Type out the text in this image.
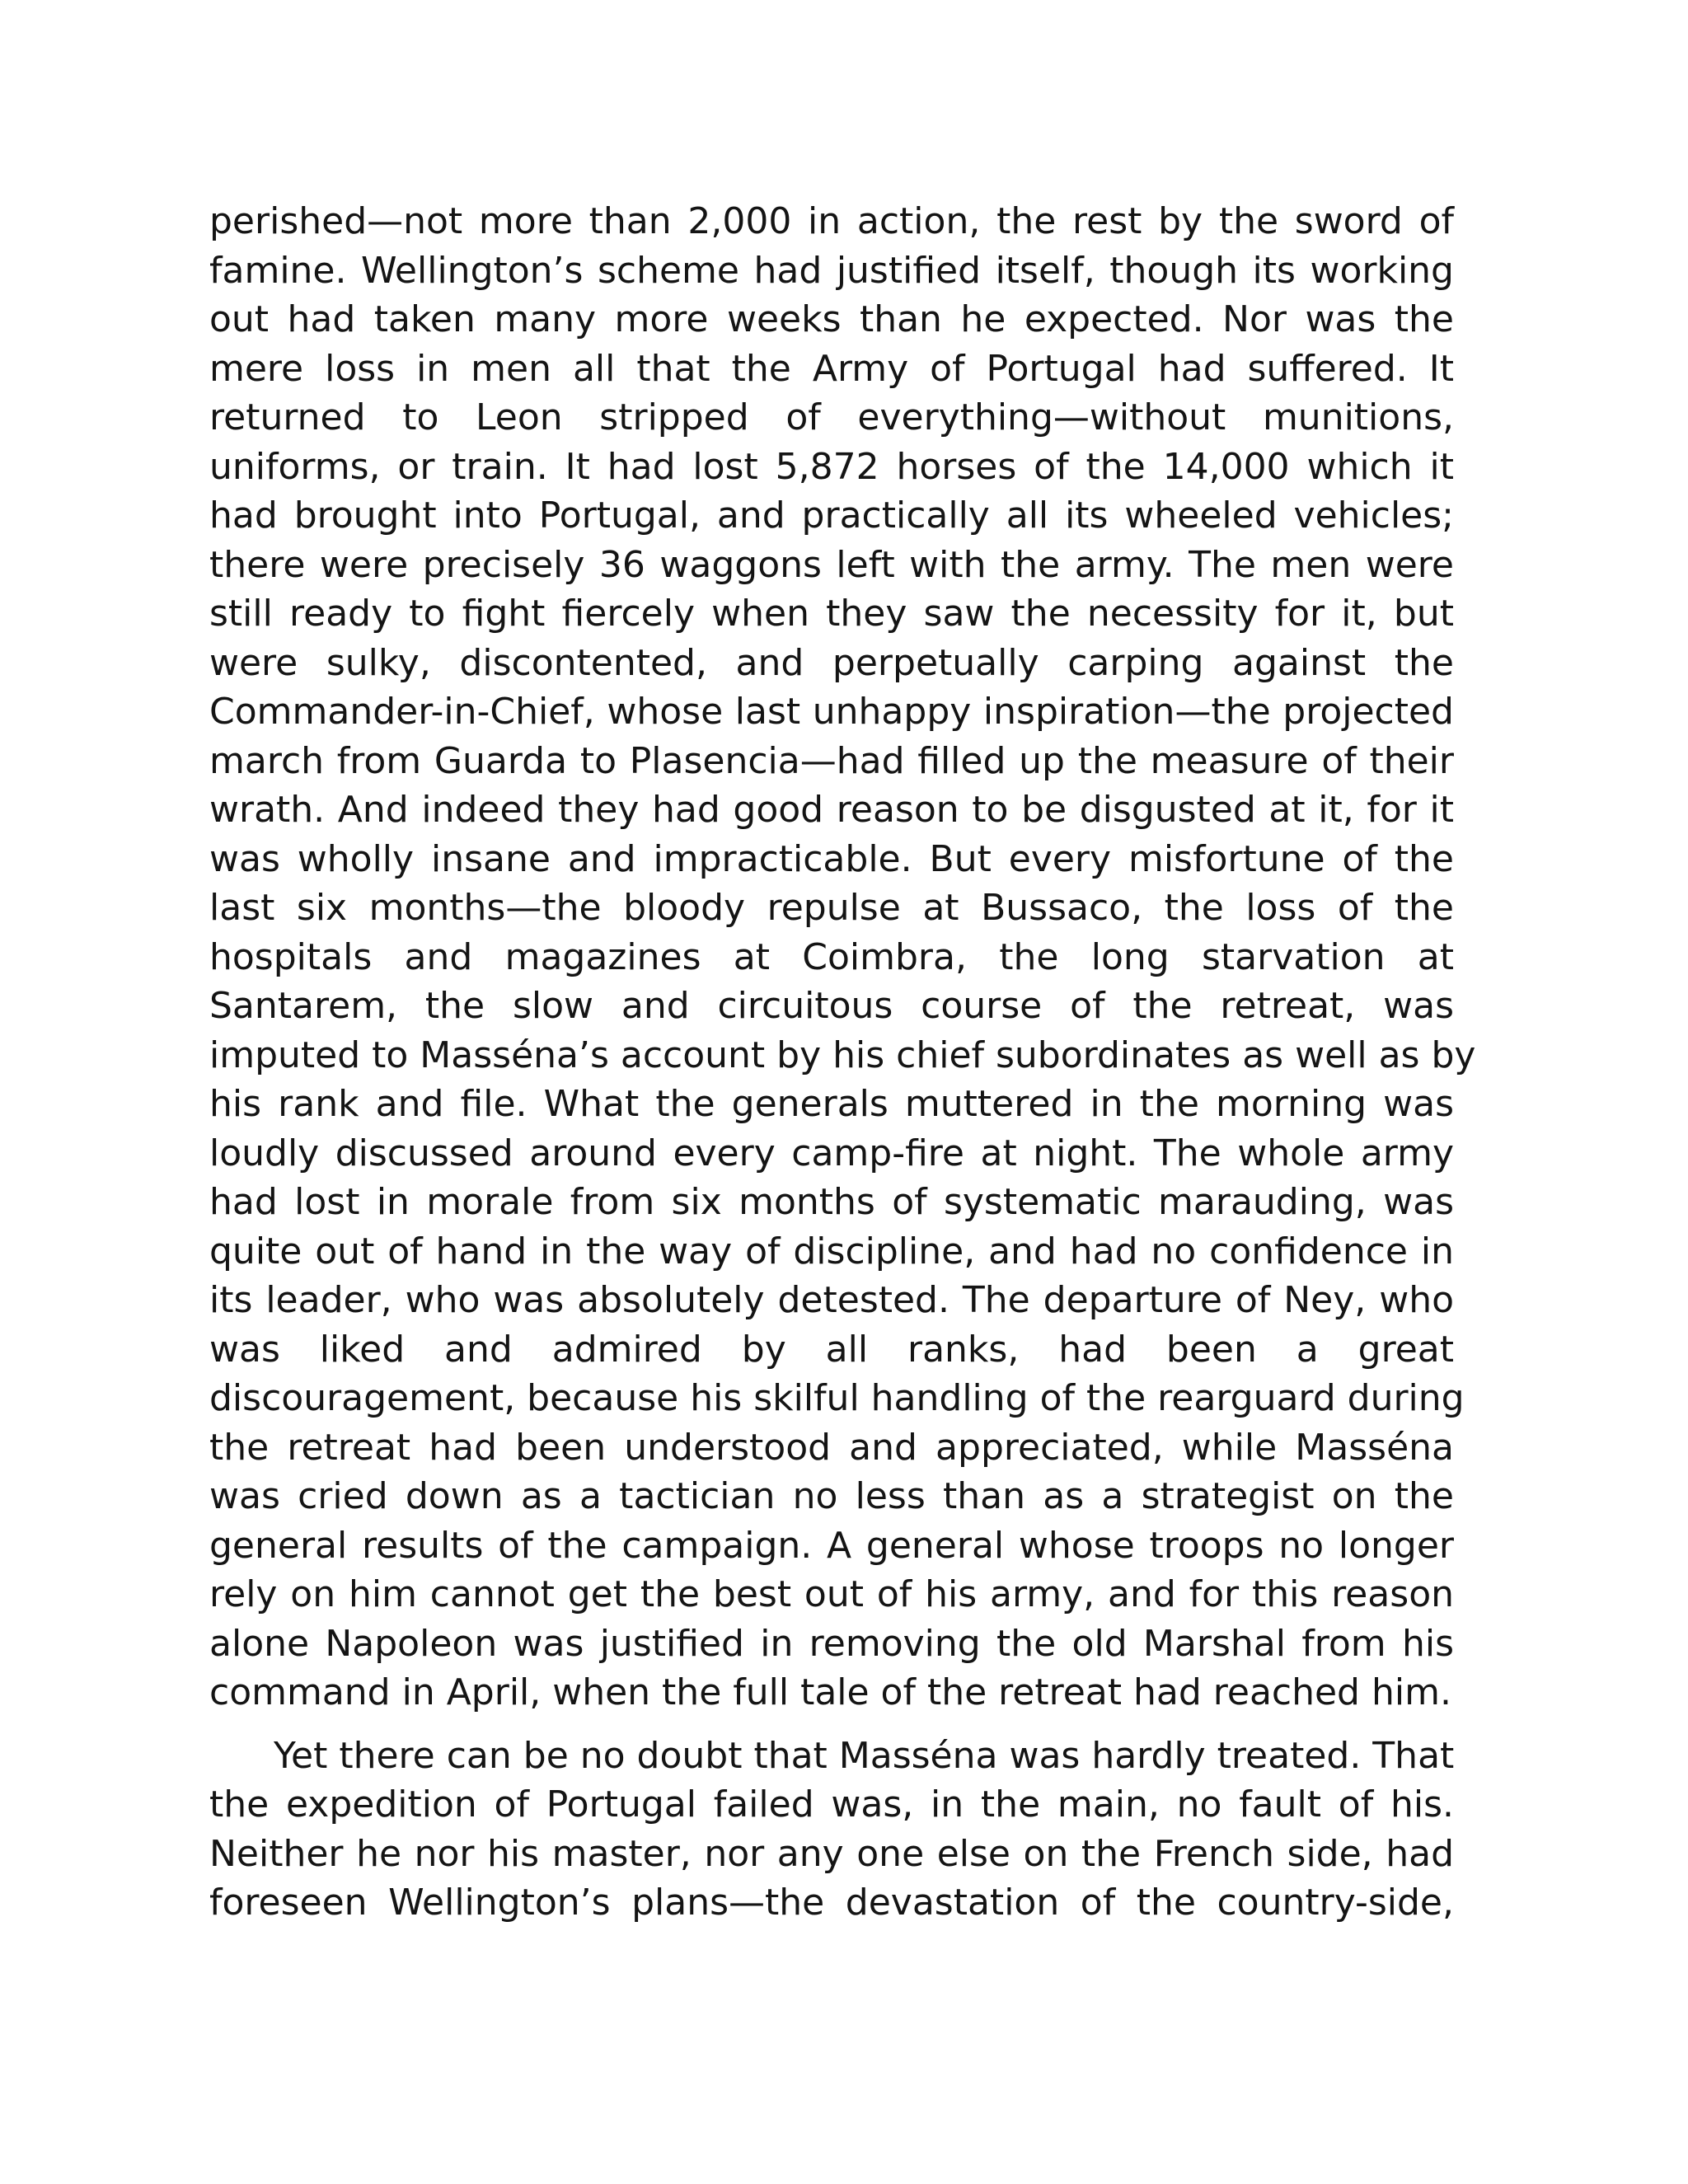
perished—not more than 2,000 in action, the rest by the sword of
famine. Wellington’s scheme had justified itself, though its working
out had taken many more weeks than he expected. Nor was the
mere loss in men all that the Army of Portugal had suffered. It
returned to Leon stripped of everything—without munitions,
uniforms, or train. It had lost 5,872 horses of the 14,000 which it
had brought into Portugal, and practically all its wheeled vehicles;
there were precisely 36 waggons left with the army. The men were
still ready to fight fiercely when they saw the necessity for it, but
were sulky, discontented, and perpetually carping against the
Commander-in-Chief, whose last unhappy inspiration—the projected
march from Guarda to Plasencia—had filled up the measure of their
wrath. And indeed they had good reason to be disgusted at it, for it
was wholly insane and impracticable. But every misfortune of the
last six months—the bloody repulse at Bussaco, the loss of the
hospitals and magazines at Coimbra, the long starvation at
Santarem, the slow and circuitous course of the retreat, was
imputed to Masséna’s account by his chief subordinates as well as by
his rank and file. What the generals muttered in the morning was
loudly discussed around every camp-fire at night. The whole army
had lost in morale from six months of systematic marauding, was
quite out of hand in the way of discipline, and had no confidence in
its leader, who was absolutely detested. The departure of Ney, who
was liked and admired by all ranks, had been a great
discouragement, because his skilful handling of the rearguard during
the retreat had been understood and appreciated, while Masséna
was cried down as a tactician no less than as a strategist on the
general results of the campaign. A general whose troops no longer
rely on him cannot get the best out of his army, and for this reason
alone Napoleon was justified in removing the old Marshal from his
command in April, when the full tale of the retreat had reached him.

Yet there can be no doubt that Masséna was hardly treated. That
the expedition of Portugal failed was, in the main, no fault of his.
Neither he nor his master, nor any one else on the French side, had
foreseen Wellington’s plans—the devastation of the country-side,
